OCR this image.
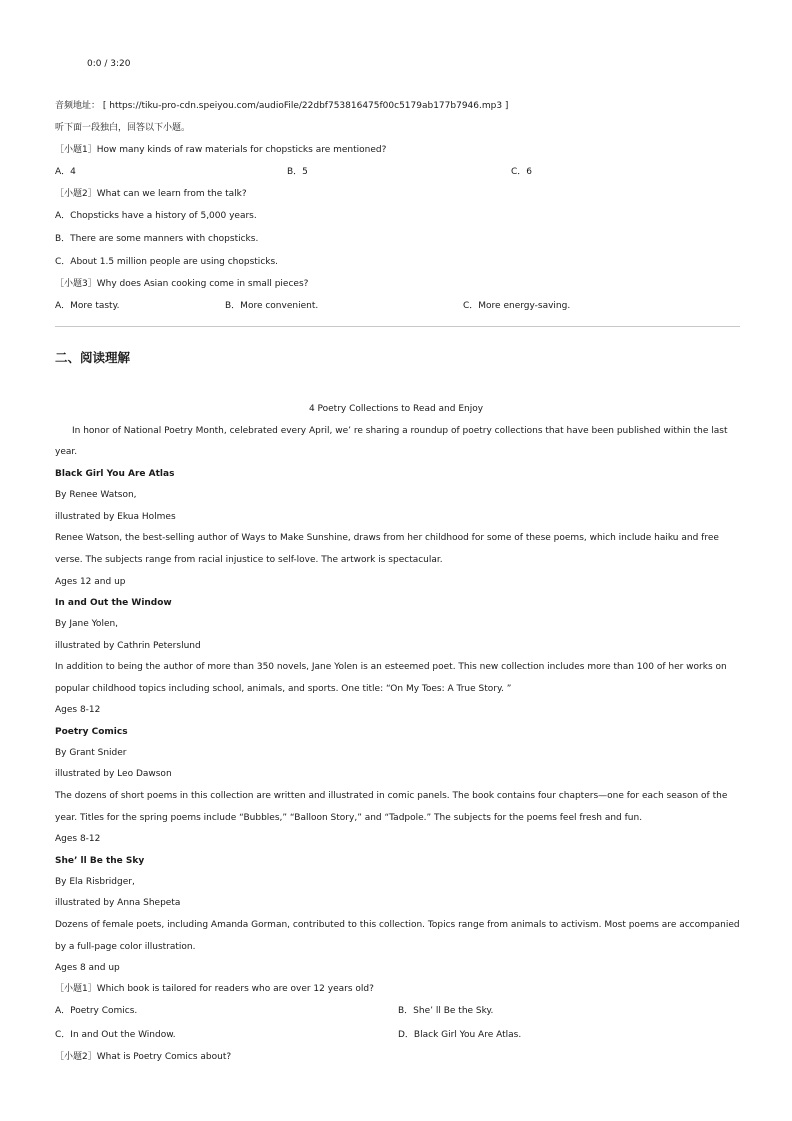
0:0 / 3:20
音频地址： [ https://tiku-pro-cdn.speiyou.com/audioFile/22dbf753816475f00c5179ab177b7946.mp3 ]
听下面一段独白，回答以下小题。
［小题1］How many kinds of raw materials for chopsticks are mentioned?
A．4	B．5	C．6
［小题2］What can we learn from the talk?
A．Chopsticks have a history of 5,000 years.
B．There are some manners with chopsticks.
C．About 1.5 million people are using chopsticks.
［小题3］Why does Asian cooking come in small pieces?
A．More tasty.	B．More convenient.	C．More energy-saving.
二、阅读理解
4 Poetry Collections to Read and Enjoy
In honor of National Poetry Month, celebrated every April, we’ re sharing a roundup of poetry collections that have been published within the last
year.
Black Girl You Are Atlas
By Renee Watson,
illustrated by Ekua Holmes
Renee Watson, the best-selling author of Ways to Make Sunshine, draws from her childhood for some of these poems, which include haiku and free
verse. The subjects range from racial injustice to self-love. The artwork is spectacular.
Ages 12 and up
In and Out the Window
By Jane Yolen,
illustrated by Cathrin Peterslund
In addition to being the author of more than 350 novels, Jane Yolen is an esteemed poet. This new collection includes more than 100 of her works on
popular childhood topics including school, animals, and sports. One title: “On My Toes: A True Story. ”
Ages 8-12
Poetry Comics
By Grant Snider
illustrated by Leo Dawson
The dozens of short poems in this collection are written and illustrated in comic panels. The book contains four chapters—one for each season of the
year. Titles for the spring poems include “Bubbles,” “Balloon Story,” and “Tadpole.” The subjects for the poems feel fresh and fun.
Ages 8-12
She’ ll Be the Sky
By Ela Risbridger,
illustrated by Anna Shepeta
Dozens of female poets, including Amanda Gorman, contributed to this collection. Topics range from animals to activism. Most poems are accompanied
by a full-page color illustration.
Ages 8 and up
［小题1］Which book is tailored for readers who are over 12 years old?
A．Poetry Comics.	B．She’ ll Be the Sky.
C．In and Out the Window.	D．Black Girl You Are Atlas.
［小题2］What is Poetry Comics about?
